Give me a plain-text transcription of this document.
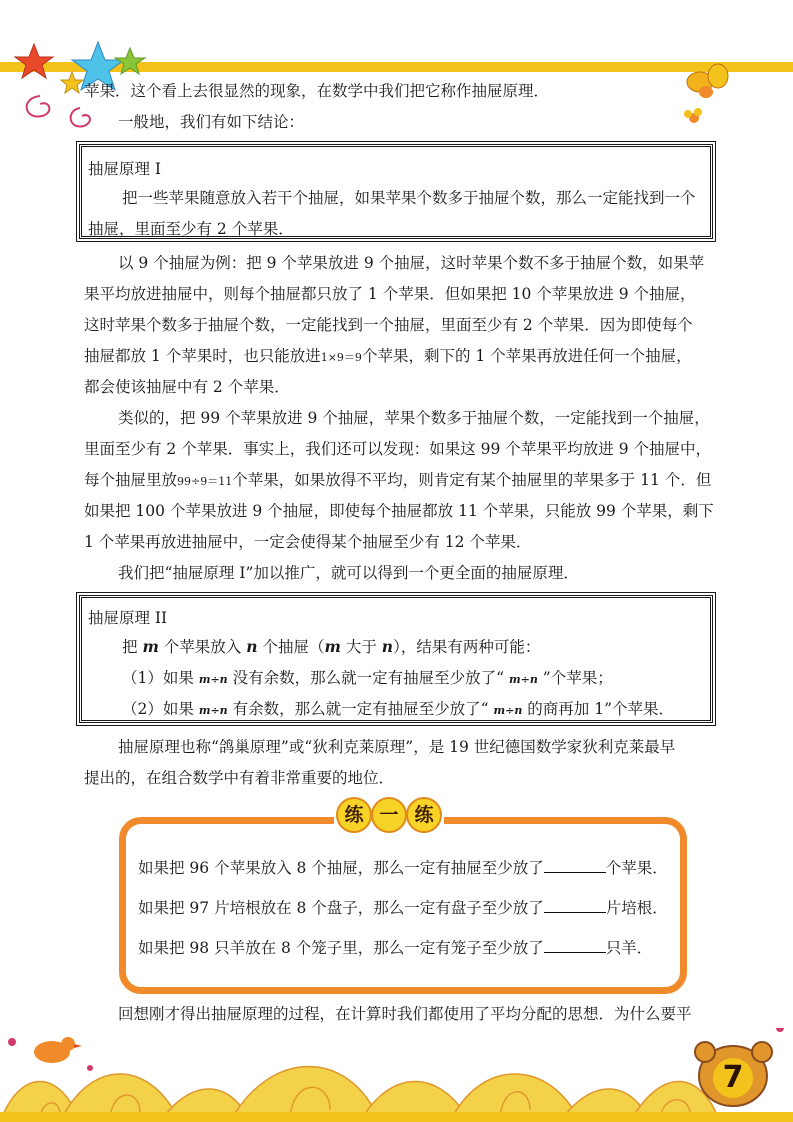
苹果．这个看上去很显然的现象，在数学中我们把它称作抽屉原理．
一般地，我们有如下结论：
抽屉原理 I
把一些苹果随意放入若干个抽屉，如果苹果个数多于抽屉个数，那么一定能找到一个
抽屉，里面至少有 2 个苹果．
以 9 个抽屉为例：把 9 个苹果放进 9 个抽屉，这时苹果个数不多于抽屉个数，如果苹
果平均放进抽屉中，则每个抽屉都只放了 1 个苹果．但如果把 10 个苹果放进 9 个抽屉，
这时苹果个数多于抽屉个数，一定能找到一个抽屉，里面至少有 2 个苹果．因为即使每个
抽屉都放 1 个苹果时，也只能放进1×9＝9个苹果，剩下的 1 个苹果再放进任何一个抽屉，
都会使该抽屉中有 2 个苹果．
类似的，把 99 个苹果放进 9 个抽屉，苹果个数多于抽屉个数，一定能找到一个抽屉，
里面至少有 2 个苹果．事实上，我们还可以发现：如果这 99 个苹果平均放进 9 个抽屉中，
每个抽屉里放99÷9＝11个苹果，如果放得不平均，则肯定有某个抽屉里的苹果多于 11 个．但
如果把 100 个苹果放进 9 个抽屉，即使每个抽屉都放 11 个苹果，只能放 99 个苹果，剩下
1 个苹果再放进抽屉中，一定会使得某个抽屉至少有 12 个苹果．
我们把“抽屉原理 I”加以推广，就可以得到一个更全面的抽屉原理．
抽屉原理 II
把 m 个苹果放入 n 个抽屉（m 大于 n），结果有两种可能：
（1）如果 m÷n 没有余数，那么就一定有抽屉至少放了“ m÷n ”个苹果；
（2）如果 m÷n 有余数，那么就一定有抽屉至少放了“ m÷n 的商再加 1”个苹果．
抽屉原理也称“鸽巢原理”或“狄利克莱原理”，是 19 世纪德国数学家狄利克莱最早
提出的，在组合数学中有着非常重要的地位．
如果把 96 个苹果放入 8 个抽屉，那么一定有抽屉至少放了	个苹果．
如果把 97 片培根放在 8 个盘子，那么一定有盘子至少放了	片培根．
如果把 98 只羊放在 8 个笼子里，那么一定有笼子至少放了	只羊．
练 一 练
回想刚才得出抽屉原理的过程，在计算时我们都使用了平均分配的思想．为什么要平
7
